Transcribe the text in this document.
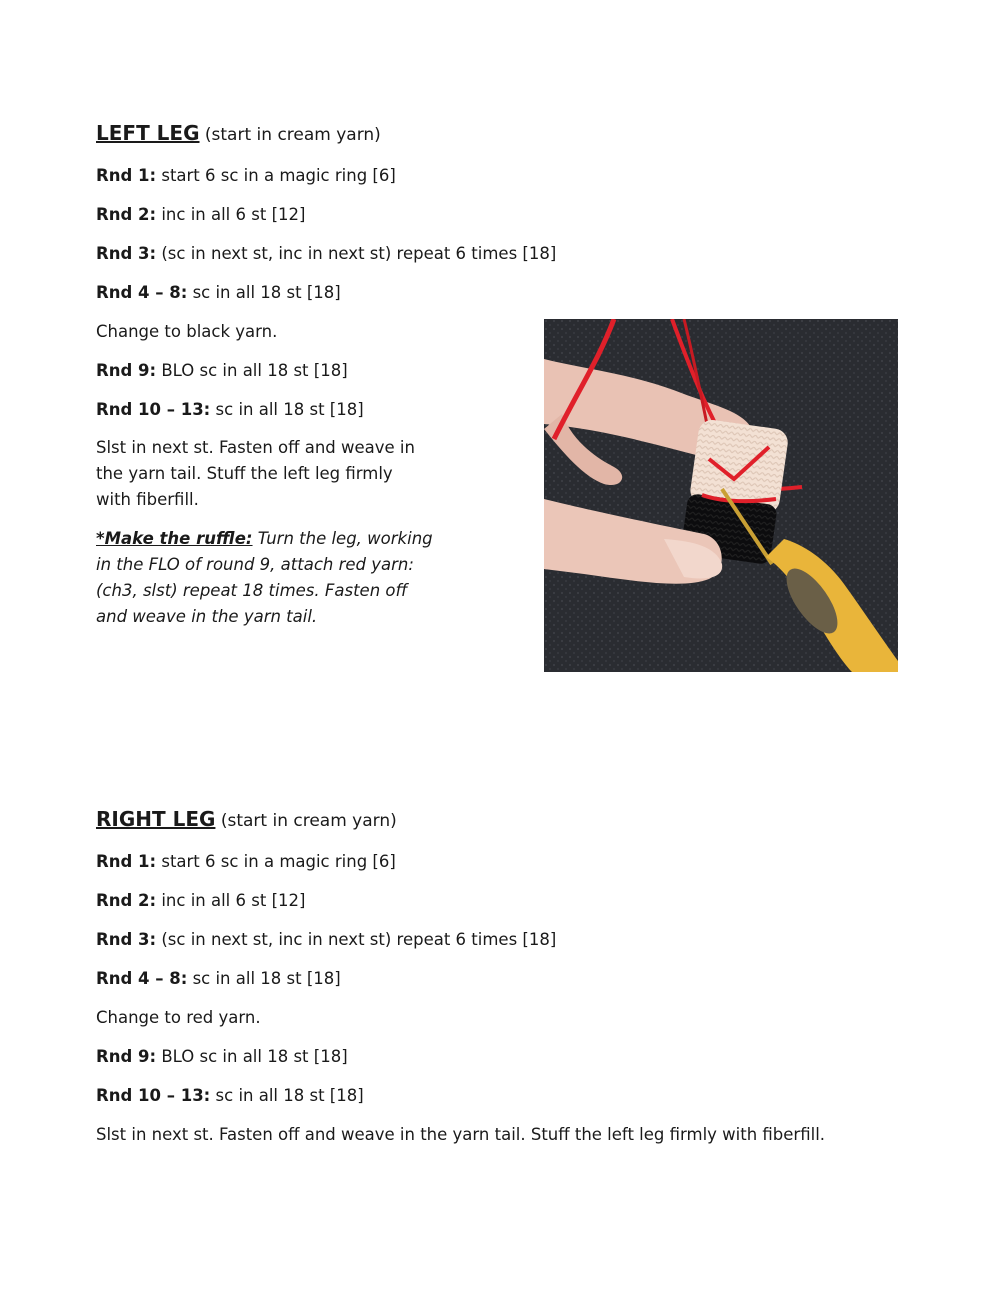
LEFT LEG (start in cream yarn)
Rnd 1: start 6 sc in a magic ring [6]
Rnd 2: inc in all 6 st [12]
Rnd 3: (sc in next st, inc in next st) repeat 6 times [18]
Rnd 4 – 8: sc in all 18 st [18]
Change to black yarn.
Rnd 9: BLO sc in all 18 st [18]
Rnd 10 – 13: sc in all 18 st [18]
Slst in next st. Fasten off and weave in
the yarn tail. Stuff the left leg firmly
with fiberfill.
*Make the ruffle: Turn the leg, working
in the FLO of round 9, attach red yarn:
(ch3, slst) repeat 18 times. Fasten off
and weave in the yarn tail.
RIGHT LEG (start in cream yarn)
Rnd 1: start 6 sc in a magic ring [6]
Rnd 2: inc in all 6 st [12]
Rnd 3: (sc in next st, inc in next st) repeat 6 times [18]
Rnd 4 – 8: sc in all 18 st [18]
Change to red yarn.
Rnd 9: BLO sc in all 18 st [18]
Rnd 10 – 13: sc in all 18 st [18]
Slst in next st. Fasten off and weave in the yarn tail. Stuff the left leg firmly with fiberfill.
